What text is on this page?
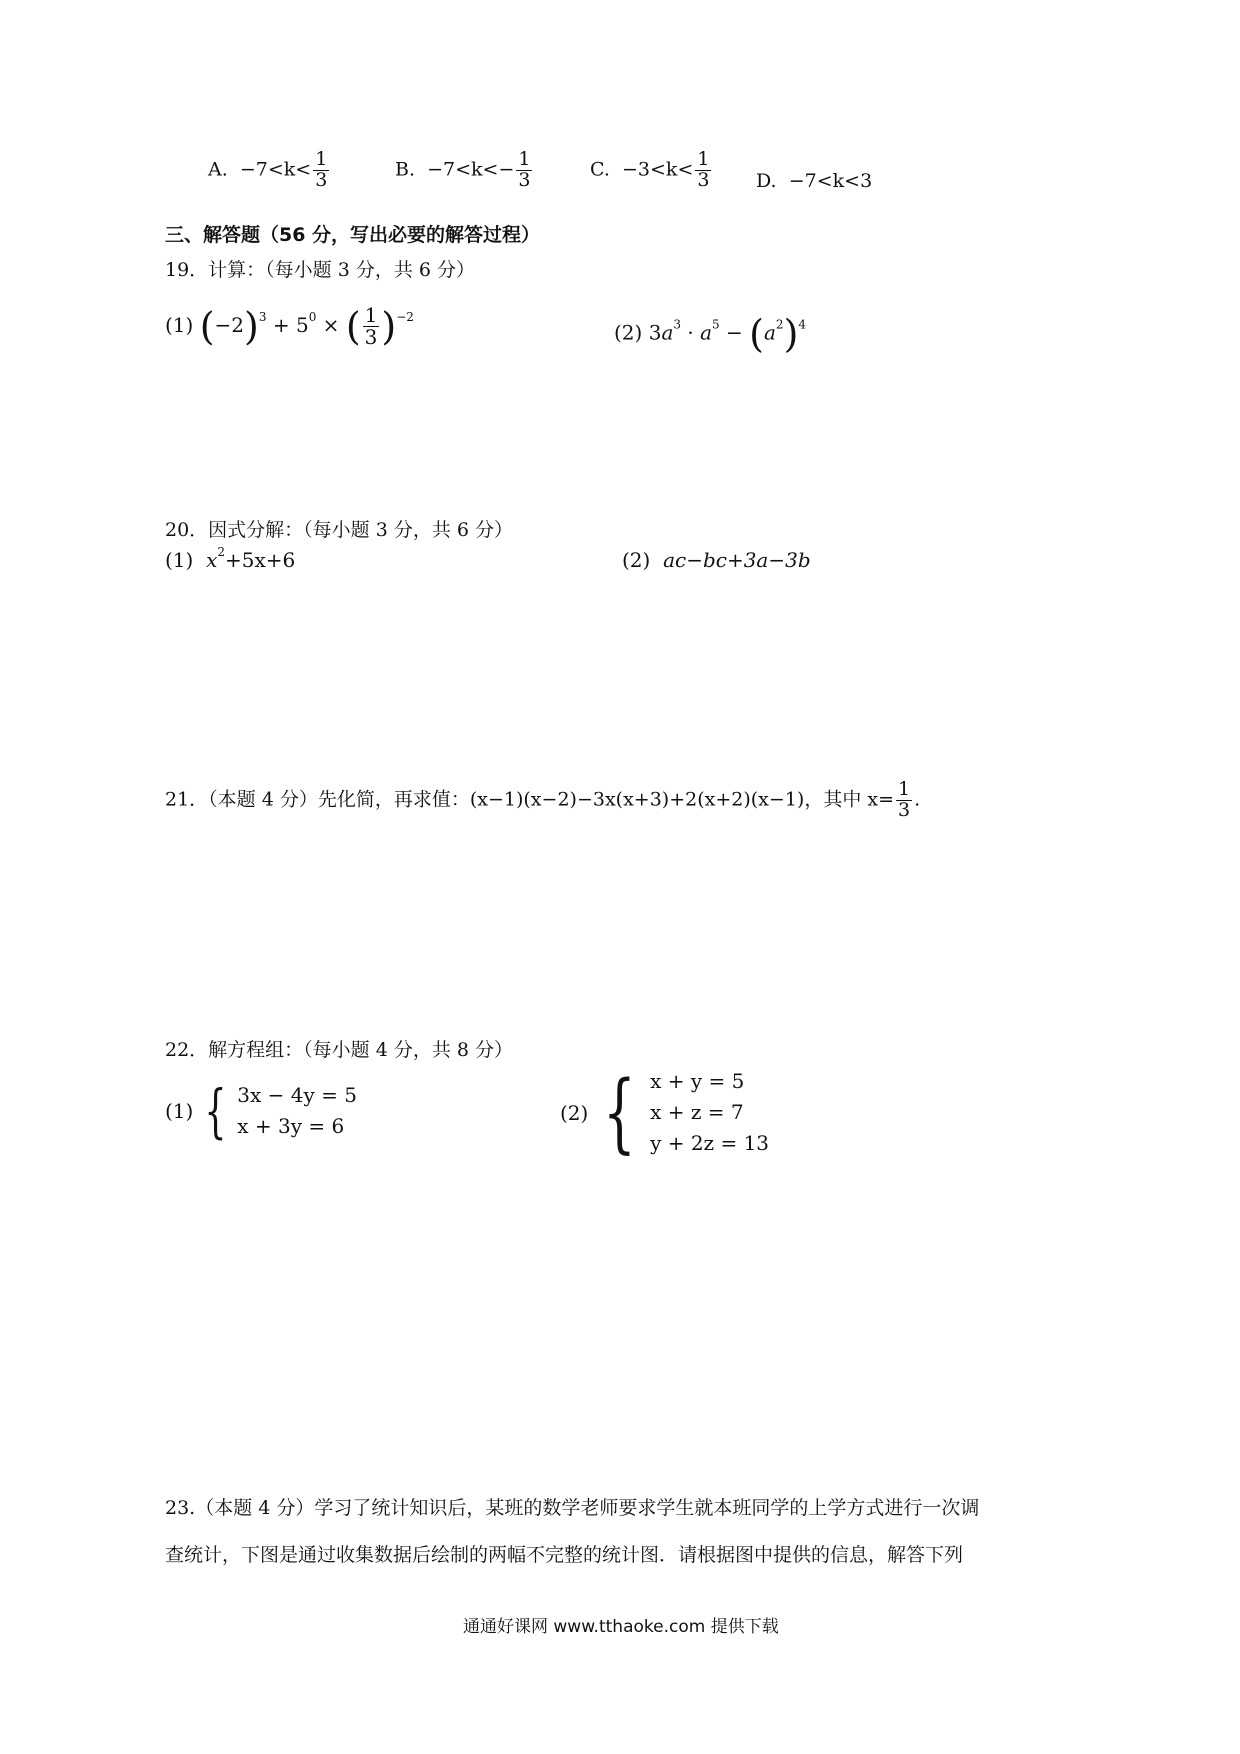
A. $-7<k< \frac{1}{3}$	B. $-7<k<- \frac{1}{3}$	C. $-3<k< \frac{1}{3} D$. −7<k<3
三、解答题（56 分，写出必要的解答过程）
19．计算：（每小题 3 分，共 6 分）
(1) $(-2)^3 + 5^0$ × ( $\frac{1}{3} )^{-2}$
(2) $3a^3 \cdot a^5 - (a^2)^4$
20．因式分解：（每小题 3 分，共 6 分）
(1) $x^2+5x+6$	(2) ac−bc+3a−3b
21．（本题 4 分）先化简，再求值：(x−1)(x−2)−3x(x+3)+2(x+2)(x−1)，其中 $x= \frac{1}{3}$ .
22．解方程组：（每小题 4 分，共 8 分）
(1) { 3x − 4y = 5
x + 3y = 6
(2) { x + y = 5
x + z = 7
y + 2z = 13
23.（本题 4 分）学习了统计知识后，某班的数学老师要求学生就本班同学的上学方式进行一次调
查统计，下图是通过收集数据后绘制的两幅不完整的统计图．请根据图中提供的信息，解答下列
通通好课网 www.tthaoke.com 提供下载
